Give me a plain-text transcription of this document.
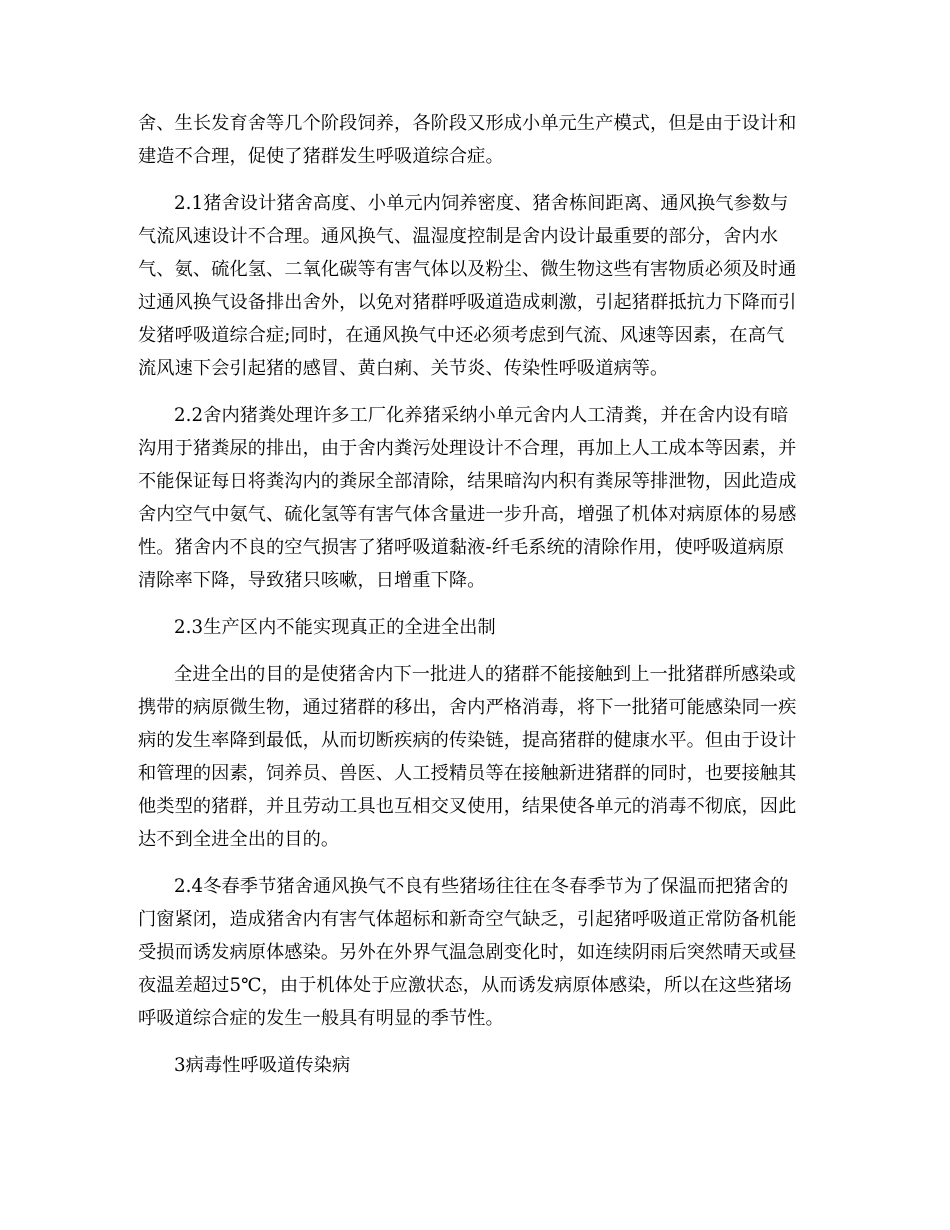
舍、生长发育舍等几个阶段饲养，各阶段又形成小单元生产模式，但是由于设计和
建造不合理，促使了猪群发生呼吸道综合症。
2.1猪舍设计猪舍高度、小单元内饲养密度、猪舍栋间距离、通风换气参数与
气流风速设计不合理。通风换气、温湿度控制是舍内设计最重要的部分，舍内水
气、氨、硫化氢、二氧化碳等有害气体以及粉尘、微生物这些有害物质必须及时通
过通风换气设备排出舍外，以免对猪群呼吸道造成刺激，引起猪群抵抗力下降而引
发猪呼吸道综合症;同时，在通风换气中还必须考虑到气流、风速等因素，在高气
流风速下会引起猪的感冒、黄白痢、关节炎、传染性呼吸道病等。
2.2舍内猪粪处理许多工厂化养猪采纳小单元舍内人工清粪，并在舍内设有暗
沟用于猪粪尿的排出，由于舍内粪污处理设计不合理，再加上人工成本等因素，并
不能保证每日将粪沟内的粪尿全部清除，结果暗沟内积有粪尿等排泄物，因此造成
舍内空气中氨气、硫化氢等有害气体含量进一步升高，增强了机体对病原体的易感
性。猪舍内不良的空气损害了猪呼吸道黏液-纤毛系统的清除作用，使呼吸道病原
清除率下降，导致猪只咳嗽，日增重下降。
2.3生产区内不能实现真正的全进全出制
全进全出的目的是使猪舍内下一批进人的猪群不能接触到上一批猪群所感染或
携带的病原微生物，通过猪群的移出，舍内严格消毒，将下一批猪可能感染同一疾
病的发生率降到最低，从而切断疾病的传染链，提高猪群的健康水平。但由于设计
和管理的因素，饲养员、兽医、人工授精员等在接触新进猪群的同时，也要接触其
他类型的猪群，并且劳动工具也互相交叉使用，结果使各单元的消毒不彻底，因此
达不到全进全出的目的。
2.4冬春季节猪舍通风换气不良有些猪场往往在冬春季节为了保温而把猪舍的
门窗紧闭，造成猪舍内有害气体超标和新奇空气缺乏，引起猪呼吸道正常防备机能
受损而诱发病原体感染。另外在外界气温急剧变化时，如连续阴雨后突然晴天或昼
夜温差超过5℃，由于机体处于应激状态，从而诱发病原体感染，所以在这些猪场
呼吸道综合症的发生一般具有明显的季节性。
3病毒性呼吸道传染病
